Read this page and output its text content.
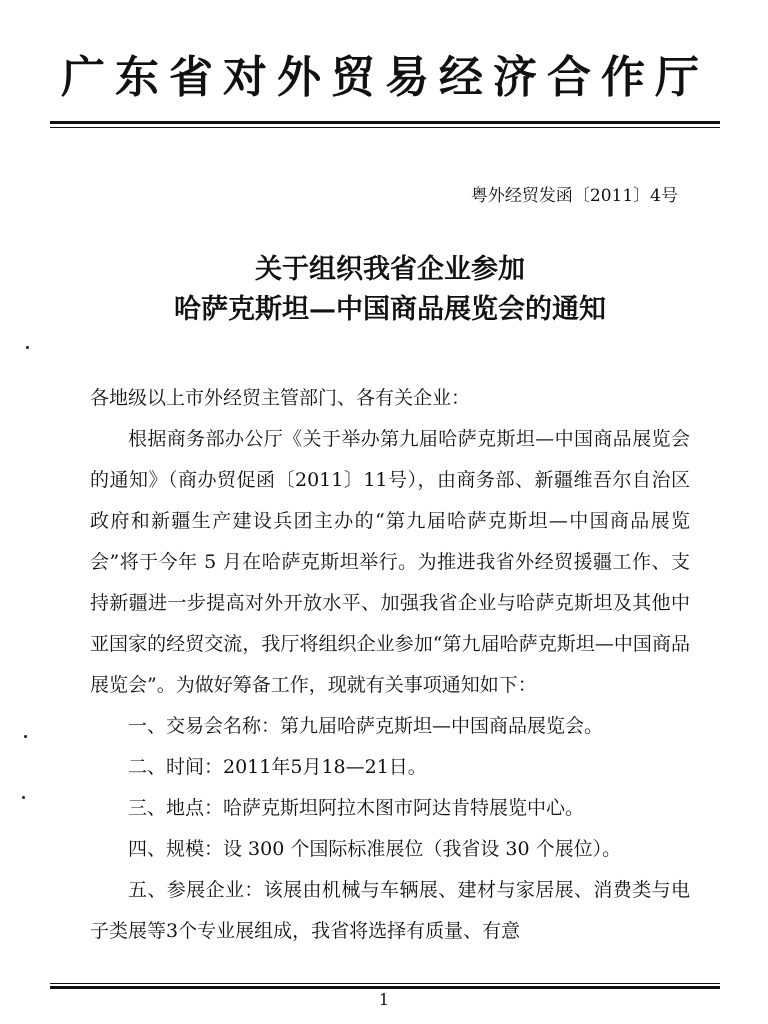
广东省对外贸易经济合作厅
粤外经贸发函〔2011〕4号
关于组织我省企业参加
哈萨克斯坦—中国商品展览会的通知

各地级以上市外经贸主管部门、各有关企业：

根据商务部办公厅《关于举办第九届哈萨克斯坦—中国商品展览会的通知》（商办贸促函〔2011〕11号），由商务部、新疆维吾尔自治区政府和新疆生产建设兵团主办的“第九届哈萨克斯坦—中国商品展览会”将于今年 5 月在哈萨克斯坦举行。为推进我省外经贸援疆工作、支持新疆进一步提高对外开放水平、加强我省企业与哈萨克斯坦及其他中亚国家的经贸交流，我厅将组织企业参加“第九届哈萨克斯坦—中国商品展览会”。为做好筹备工作，现就有关事项通知如下：

一、交易会名称：第九届哈萨克斯坦—中国商品展览会。

二、时间：2011年5月18—21日。

三、地点：哈萨克斯坦阿拉木图市阿达肯特展览中心。

四、规模：设 300 个国际标准展位（我省设 30 个展位）。

五、参展企业：该展由机械与车辆展、建材与家居展、消费类与电子类展等3个专业展组成，我省将选择有质量、有意

1
